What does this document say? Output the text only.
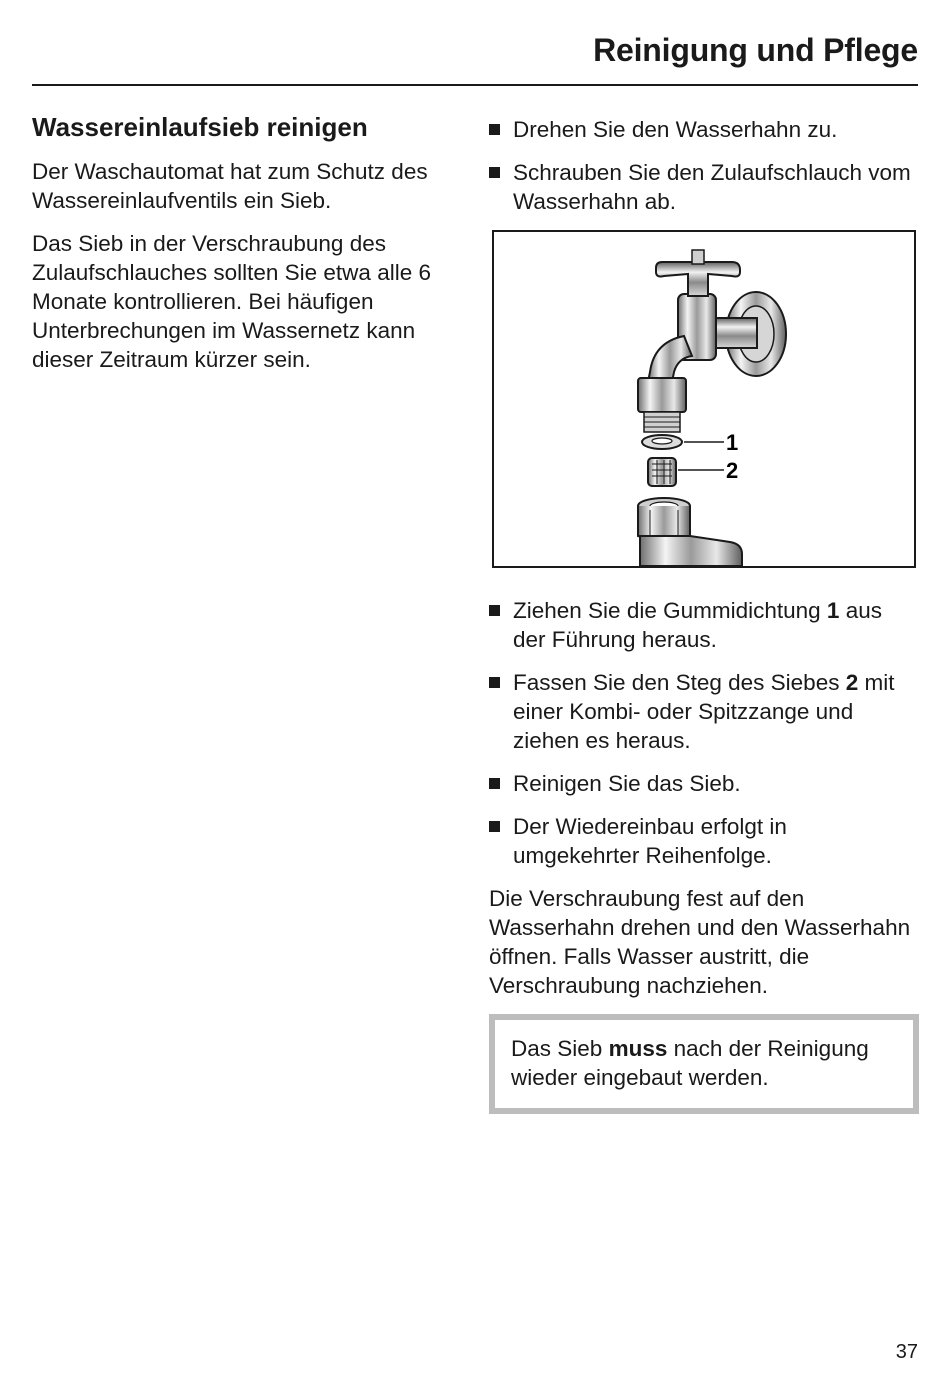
Reinigung und Pflege
Wassereinlaufsieb reinigen

Der Waschautomat hat zum Schutz des Wassereinlaufventils ein Sieb.

Das Sieb in der Verschraubung des Zulaufschlauches sollten Sie etwa alle 6 Monate kontrollieren. Bei häufigen Unterbrechungen im Wassernetz kann dieser Zeitraum kürzer sein.

Drehen Sie den Wasserhahn zu.
Schrauben Sie den Zulaufschlauch vom Wasserhahn ab.
1
2
Ziehen Sie die Gummidichtung 1 aus der Führung heraus.
Fassen Sie den Steg des Siebes 2 mit einer Kombi- oder Spitzzange und ziehen es heraus.
Reinigen Sie das Sieb.
Der Wiedereinbau erfolgt in umgekehrter Reihenfolge.

Die Verschraubung fest auf den Wasserhahn drehen und den Wasserhahn öffnen. Falls Wasser austritt, die Verschraubung nachziehen.

Das Sieb muss nach der Reinigung wieder eingebaut werden.
37
